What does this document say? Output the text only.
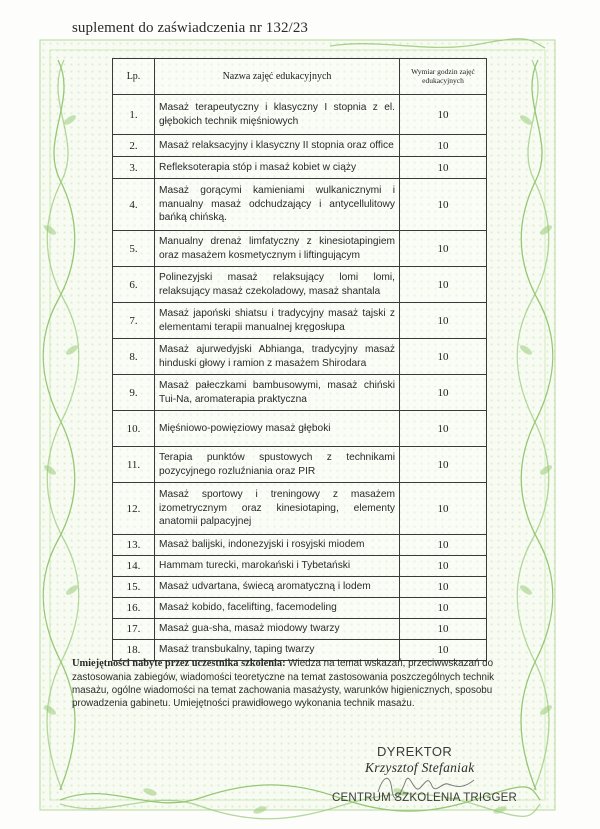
suplement do zaświadczenia nr 132/23
Lp.	Nazwa zajęć edukacyjnych	Wymiar godzin zajęć edukacyjnych
1.	Masaż terapeutyczny i klasyczny I stopnia z el. głębokich technik mięśniowych	10
2.	Masaż relaksacyjny i klasyczny II stopnia oraz office	10
3.	Refleksoterapia stóp i masaż kobiet w ciąży	10
4.	Masaż gorącymi kamieniami wulkanicznymi i manualny masaż odchudzający i antycellulitowy bańką chińską.	10
5.	Manualny drenaż limfatyczny z kinesiotapingiem oraz masażem kosmetycznym i liftingującym	10
6.	Polinezyjski masaż relaksujący lomi lomi, relaksujący masaż czekoladowy, masaż shantala	10
7.	Masaż japoński shiatsu i tradycyjny masaż tajski z elementami terapii manualnej kręgosłupa	10
8.	Masaż ajurwedyjski Abhianga, tradycyjny masaż hinduski głowy i ramion z masażem Shirodara	10
9.	Masaż pałeczkami bambusowymi, masaż chiński Tui-Na, aromaterapia praktyczna	10
10.	Mięśniowo-powięziowy masaż głęboki	10
11.	Terapia punktów spustowych z technikami pozycyjnego rozluźniania oraz PIR	10
12.	Masaż sportowy i treningowy z masażem izometrycznym oraz kinesiotaping, elementy anatomii palpacyjnej	10
13.	Masaż balijski, indonezyjski i rosyjski miodem	10
14.	Hammam turecki, marokański i Tybetański	10
15.	Masaż udvartana, świecą aromatyczną i lodem	10
16.	Masaż kobido, facelifting, facemodeling	10
17.	Masaż gua-sha, masaż miodowy twarzy	10
18.	Masaż transbukalny, taping twarzy	10
Umiejętności nabyte przez uczestnika szkolenia: Wiedza na temat wskazań, przeciwwskazań do zastosowania zabiegów, wiadomości teoretyczne na temat zastosowania poszczególnych technik masażu, ogólne wiadomości na temat zachowania masażysty, warunków higienicznych, sposobu prowadzenia gabinetu. Umiejętności prawidłowego wykonania technik masażu.
DYREKTOR
Krzysztof Stefaniak
CENTRUM SZKOLENIA TRIGGER
